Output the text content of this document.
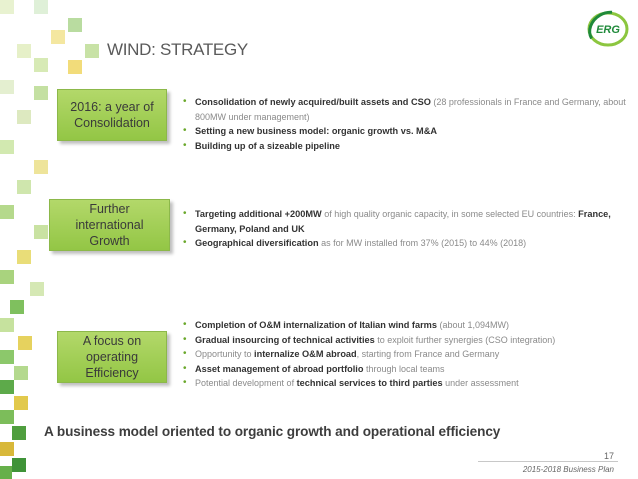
WIND: STRATEGY
ERG
2016: a year of Consolidation
• Consolidation of newly acquired/built assets and CSO (28 professionals in France and Germany, about 800MW under management)
• Setting a new business model: organic growth vs. M&A
• Building up of a sizeable pipeline
Further international Growth
• Targeting additional +200MW of high quality organic capacity, in some selected EU countries: France, Germany, Poland and UK
• Geographical diversification as for MW installed from 37% (2015) to 44% (2018)
A focus on operating Efficiency
• Completion of O&M internalization of Italian wind farms (about 1,094MW)
• Gradual insourcing of technical activities to exploit further synergies (CSO integration)
• Opportunity to internalize O&M abroad, starting from France and Germany
• Asset management of abroad portfolio through local teams
• Potential development of technical services to third parties under assessment
A business model oriented to organic growth and operational efficiency
17
2015-2018 Business Plan
